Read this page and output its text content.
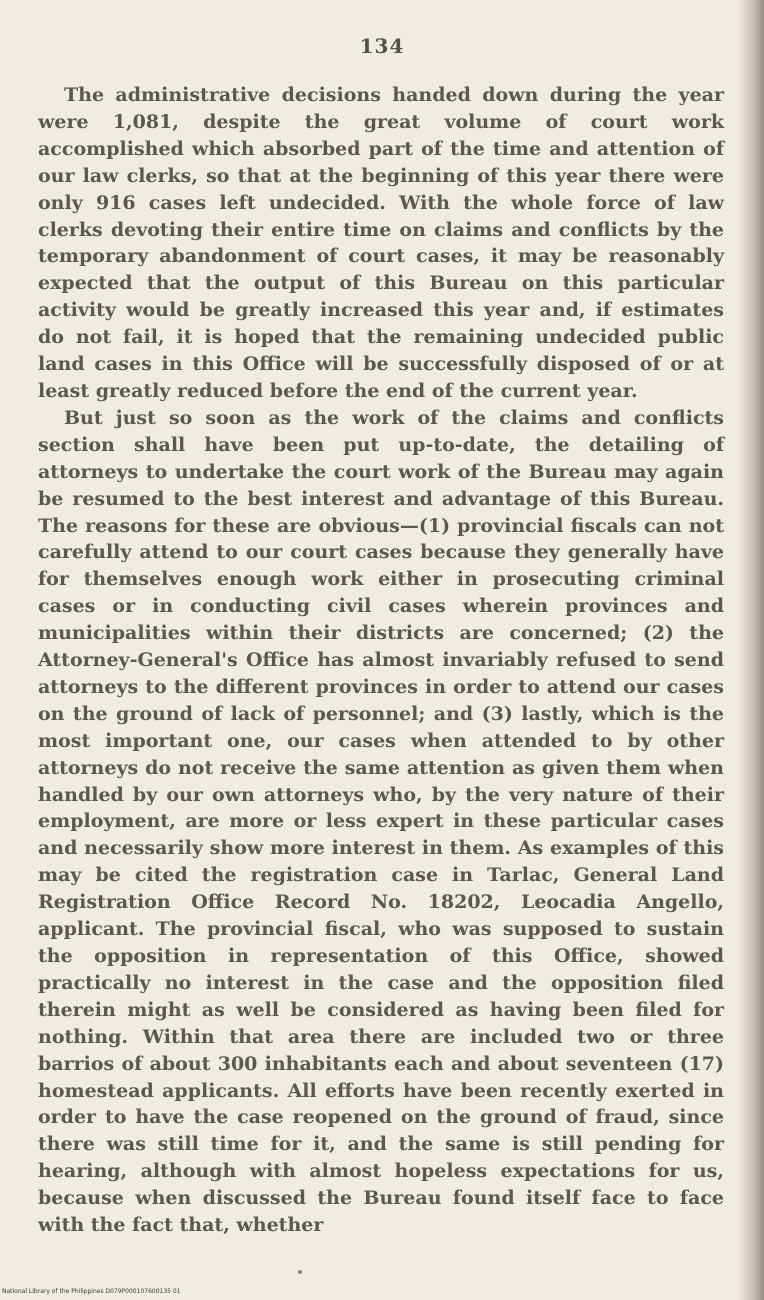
134

The administrative decisions handed down during the year were 1,081, despite the great volume of court work accomplished which absorbed part of the time and attention of our law clerks, so that at the beginning of this year there were only 916 cases left undecided. With the whole force of law clerks devoting their entire time on claims and conflicts by the temporary abandonment of court cases, it may be reasonably expected that the output of this Bureau on this particular activity would be greatly increased this year and, if estimates do not fail, it is hoped that the remaining undecided public land cases in this Office will be successfully disposed of or at least greatly reduced before the end of the current year.

But just so soon as the work of the claims and conflicts section shall have been put up-to-date, the detailing of attorneys to undertake the court work of the Bureau may again be resumed to the best interest and advantage of this Bureau. The reasons for these are obvious—(1) provincial fiscals can not carefully attend to our court cases because they generally have for themselves enough work either in prosecuting criminal cases or in conducting civil cases wherein provinces and municipalities within their districts are concerned; (2) the Attorney-General's Office has almost invariably refused to send attorneys to the different provinces in order to attend our cases on the ground of lack of personnel; and (3) lastly, which is the most important one, our cases when attended to by other attorneys do not receive the same attention as given them when handled by our own attorneys who, by the very nature of their employment, are more or less expert in these particular cases and necessarily show more interest in them. As examples of this may be cited the registration case in Tarlac, General Land Registration Office Record No. 18202, Leocadia Angello, applicant. The provincial fiscal, who was supposed to sustain the opposition in representation of this Office, showed practically no interest in the case and the opposition filed therein might as well be considered as having been filed for nothing. Within that area there are included two or three barrios of about 300 inhabitants each and about seventeen (17) homestead applicants. All efforts have been recently exerted in order to have the case reopened on the ground of fraud, since there was still time for it, and the same is still pending for hearing, although with almost hopeless expectations for us, because when discussed the Bureau found itself face to face with the fact that, whether

National Library of the Philippines D079P000107600135 01
